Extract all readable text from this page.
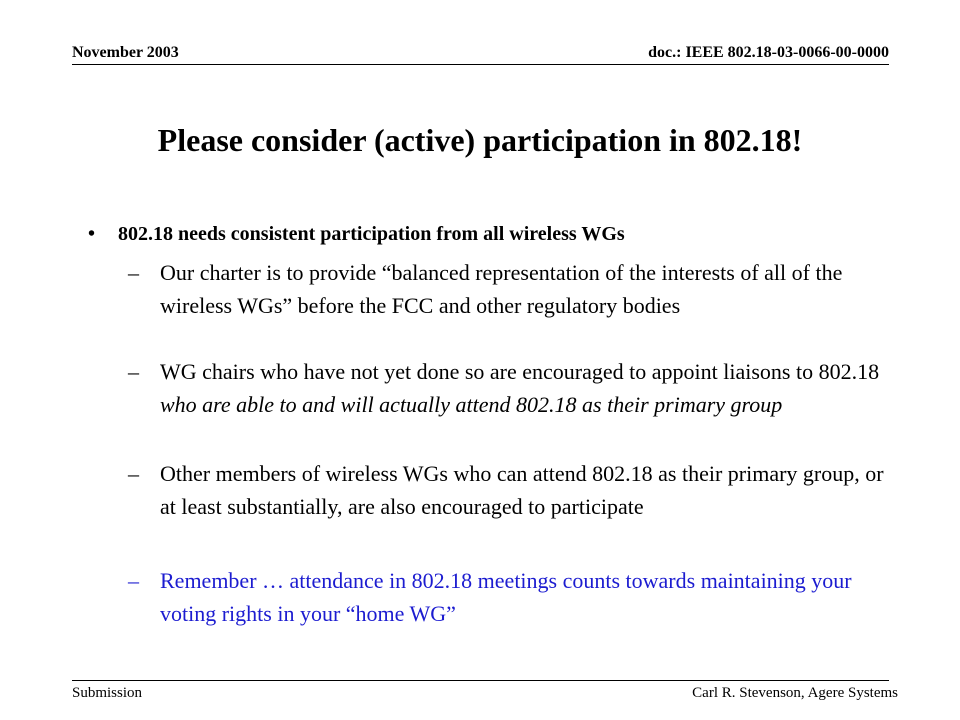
November 2003	doc.: IEEE 802.18-03-0066-00-0000
Please consider (active) participation in 802.18!
• 802.18 needs consistent participation from all wireless WGs
– Our charter is to provide “balanced representation of the interests of all of the wireless WGs” before the FCC and other regulatory bodies
– WG chairs who have not yet done so are encouraged to appoint liaisons to 802.18 who are able to and will actually attend 802.18 as their primary group
– Other members of wireless WGs who can attend 802.18 as their primary group, or at least substantially, are also encouraged to participate
– Remember … attendance in 802.18 meetings counts towards maintaining your voting rights in your “home WG”
Submission	Carl R. Stevenson, Agere Systems
